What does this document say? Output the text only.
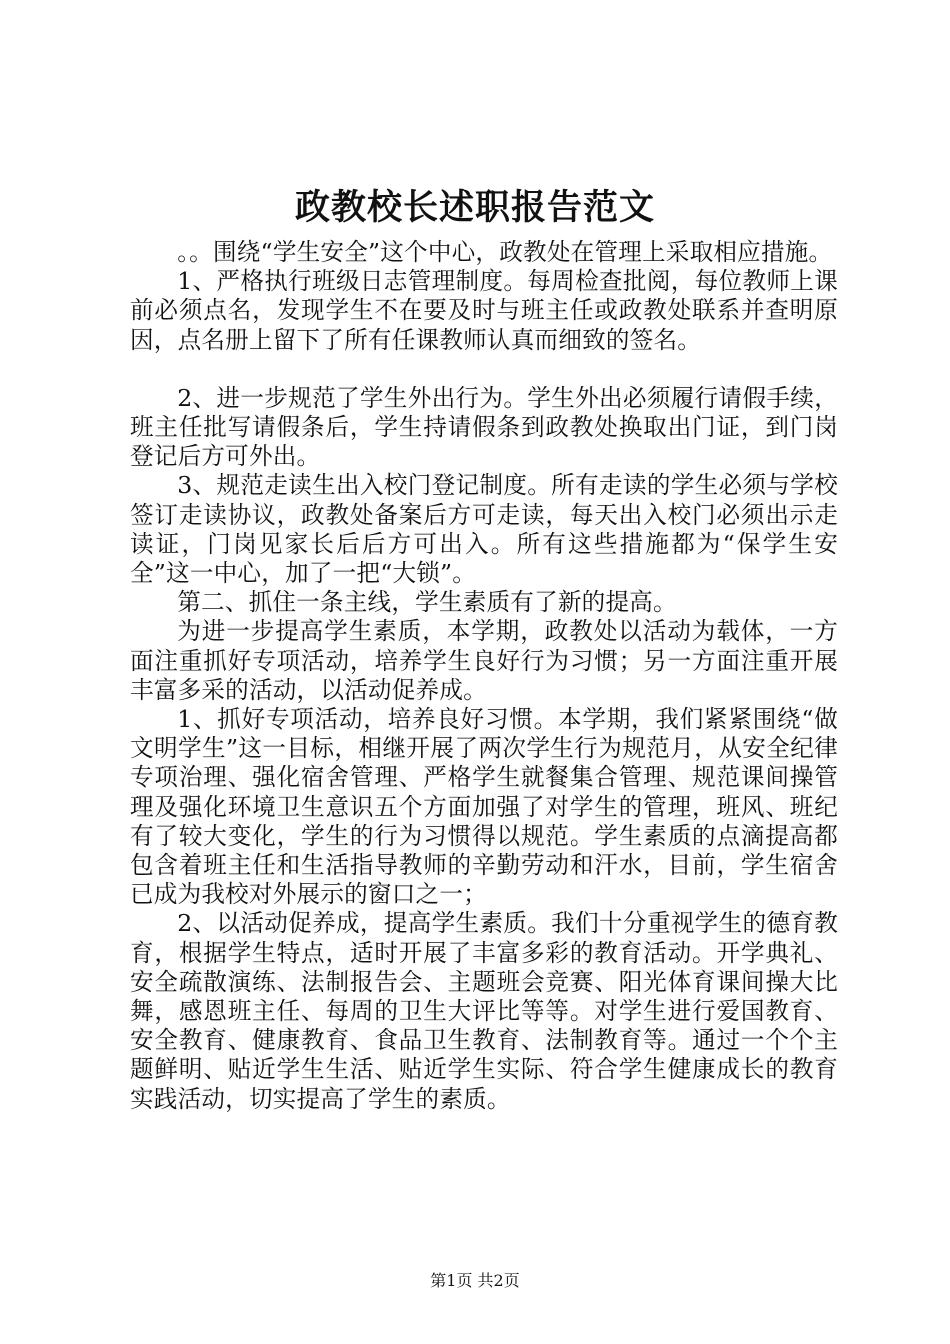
政教校长述职报告范文

。。围绕“学生安全”这个中心，政教处在管理上采取相应措施。

1、严格执行班级日志管理制度。每周检查批阅，每位教师上课前必须点名，发现学生不在要及时与班主任或政教处联系并查明原因，点名册上留下了所有任课教师认真而细致的签名。

2、进一步规范了学生外出行为。学生外出必须履行请假手续，班主任批写请假条后，学生持请假条到政教处换取出门证，到门岗登记后方可外出。

3、规范走读生出入校门登记制度。所有走读的学生必须与学校签订走读协议，政教处备案后方可走读，每天出入校门必须出示走读证，门岗见家长后后方可出入。所有这些措施都为“保学生安全”这一中心，加了一把“大锁”。

第二、抓住一条主线，学生素质有了新的提高。

为进一步提高学生素质，本学期，政教处以活动为载体，一方面注重抓好专项活动，培养学生良好行为习惯；另一方面注重开展丰富多采的活动，以活动促养成。

1、抓好专项活动，培养良好习惯。本学期，我们紧紧围绕“做文明学生”这一目标，相继开展了两次学生行为规范月，从安全纪律专项治理、强化宿舍管理、严格学生就餐集合管理、规范课间操管理及强化环境卫生意识五个方面加强了对学生的管理，班风、班纪有了较大变化，学生的行为习惯得以规范。学生素质的点滴提高都包含着班主任和生活指导教师的辛勤劳动和汗水，目前，学生宿舍已成为我校对外展示的窗口之一；

2、以活动促养成，提高学生素质。我们十分重视学生的德育教育，根据学生特点，适时开展了丰富多彩的教育活动。开学典礼、安全疏散演练、法制报告会、主题班会竞赛、阳光体育课间操大比舞，感恩班主任、每周的卫生大评比等等。对学生进行爱国教育、安全教育、健康教育、食品卫生教育、法制教育等。通过一个个主题鲜明、贴近学生生活、贴近学生实际、符合学生健康成长的教育实践活动，切实提高了学生的素质。

第1页 共2页
